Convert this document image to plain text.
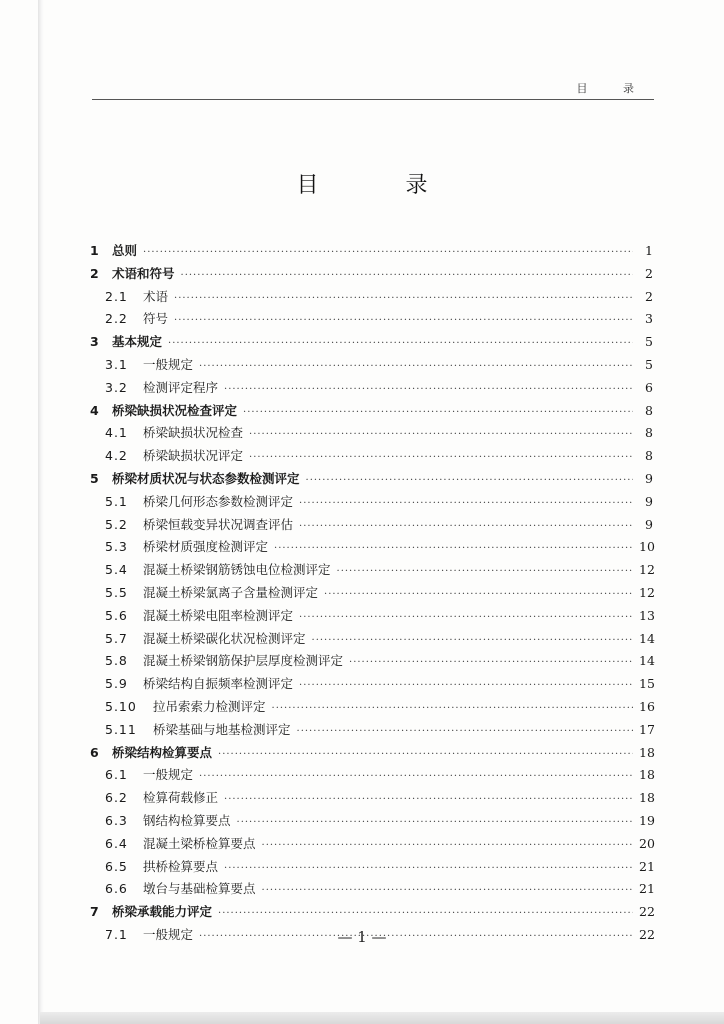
目 录
目 录
1	总则 ·····	1
2	术语和符号 ·····	2
2.1	术语 ·····	2
2.2	符号 ·····	3
3	基本规定 ·····	5
3.1	一般规定 ·····	5
3.2	检测评定程序 ·····	6
4	桥梁缺损状况检查评定 ·····	8
4.1	桥梁缺损状况检查 ·····	8
4.2	桥梁缺损状况评定 ·····	8
5	桥梁材质状况与状态参数检测评定 ·····	9
5.1	桥梁几何形态参数检测评定 ·····	9
5.2	桥梁恒载变异状况调查评估 ·····	9
5.3	桥梁材质强度检测评定 ·····	10
5.4	混凝土桥梁钢筋锈蚀电位检测评定 ·····	12
5.5	混凝土桥梁氯离子含量检测评定 ·····	12
5.6	混凝土桥梁电阻率检测评定 ·····	13
5.7	混凝土桥梁碳化状况检测评定 ·····	14
5.8	混凝土桥梁钢筋保护层厚度检测评定 ·····	14
5.9	桥梁结构自振频率检测评定 ·····	15
5.10	拉吊索索力检测评定 ·····	16
5.11	桥梁基础与地基检测评定 ·····	17
6	桥梁结构检算要点 ·····	18
6.1	一般规定 ·····	18
6.2	检算荷载修正 ·····	18
6.3	钢结构检算要点 ·····	19
6.4	混凝土梁桥检算要点 ·····	20
6.5	拱桥检算要点 ·····	21
6.6	墩台与基础检算要点 ·····	21
7	桥梁承载能力评定 ·····	22
7.1	一般规定 ·····	22
— 1 —
